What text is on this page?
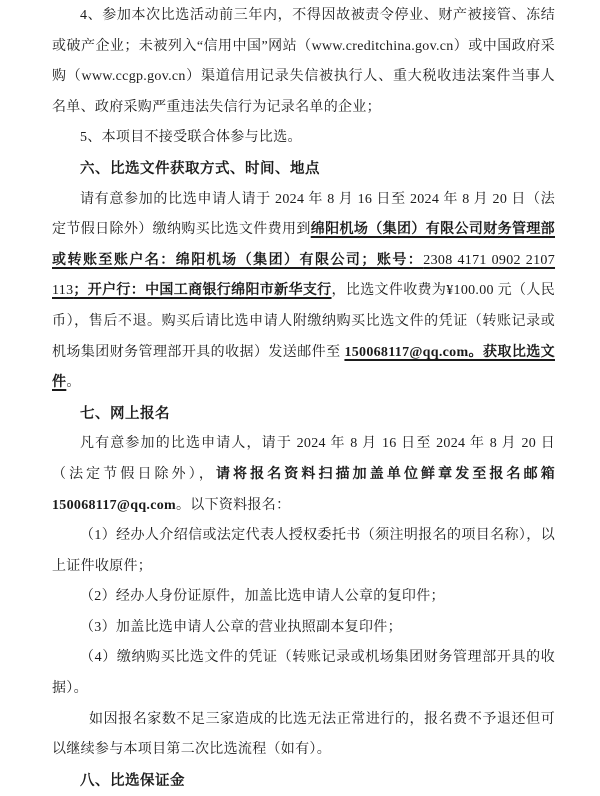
4、参加本次比选活动前三年内，不得因故被责令停业、财产被接管、冻结或破产企业；未被列入“信用中国”网站（www.creditchina.gov.cn）或中国政府采购（www.ccgp.gov.cn）渠道信用记录失信被执行人、重大税收违法案件当事人名单、政府采购严重违法失信行为记录名单的企业；

5、本项目不接受联合体参与比选。

六、比选文件获取方式、时间、地点

请有意参加的比选申请人请于 2024 年 8 月 16 日至 2024 年 8 月 20 日（法定节假日除外）缴纳购买比选文件费用到绵阳机场（集团）有限公司财务管理部或转账至账户名：绵阳机场（集团）有限公司；账号：2308 4171 0902 2107 113；开户行：中国工商银行绵阳市新华支行，比选文件收费为¥100.00 元（人民币），售后不退。购买后请比选申请人附缴纳购买比选文件的凭证（转账记录或机场集团财务管理部开具的收据）发送邮件至 150068117@qq.com。获取比选文件。

七、网上报名

凡有意参加的比选申请人，请于 2024 年 8 月 16 日至 2024 年 8 月 20 日（法定节假日除外），请将报名资料扫描加盖单位鲜章发至报名邮箱 150068117@qq.com。以下资料报名：

（1）经办人介绍信或法定代表人授权委托书（须注明报名的项目名称），以上证件收原件；

（2）经办人身份证原件，加盖比选申请人公章的复印件；

（3）加盖比选申请人公章的营业执照副本复印件；

（4）缴纳购买比选文件的凭证（转账记录或机场集团财务管理部开具的收据）。

如因报名家数不足三家造成的比选无法正常进行的，报名费不予退还但可以继续参与本项目第二次比选流程（如有）。

八、比选保证金
